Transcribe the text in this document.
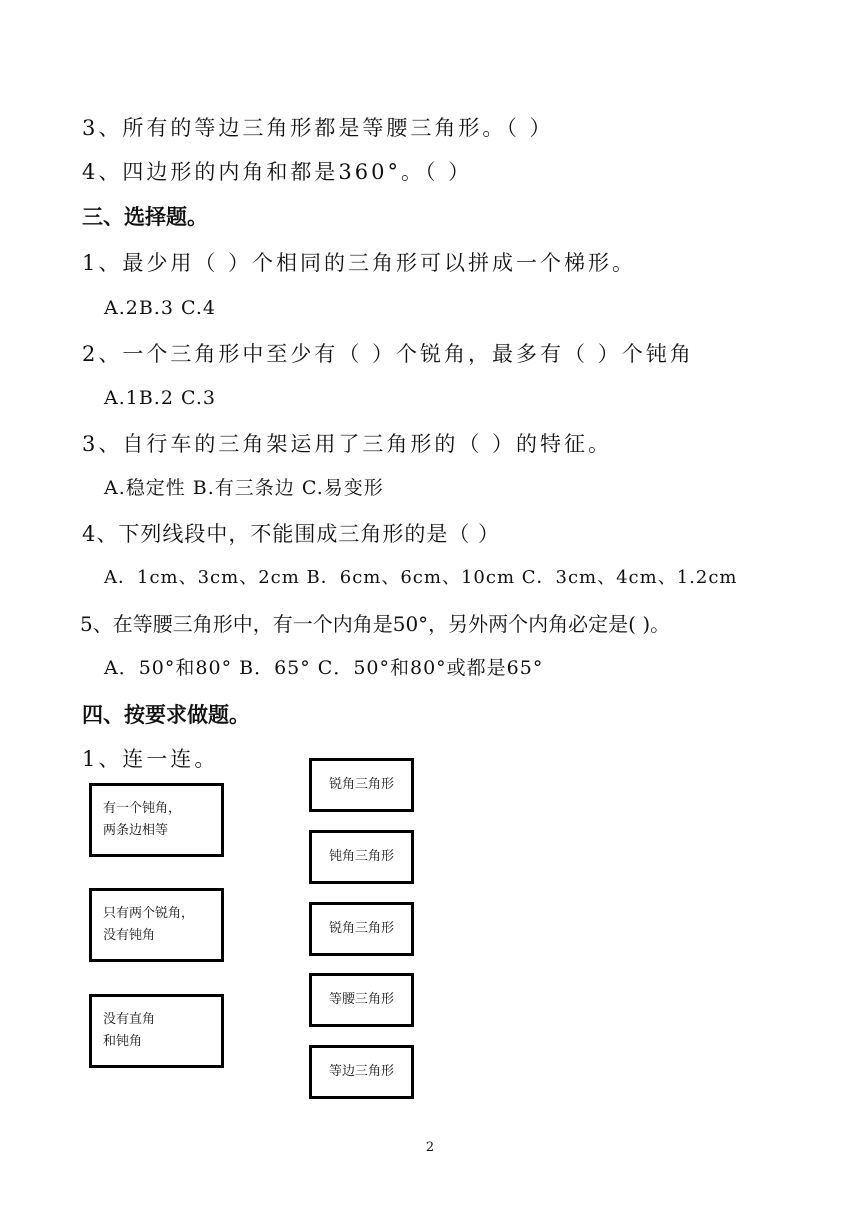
3、所有的等边三角形都是等腰三角形。（ ）
4、四边形的内角和都是360°。（ ）
三、选择题。
1、最少用（ ）个相同的三角形可以拼成一个梯形。
A.2B.3 C.4
2、一个三角形中至少有（ ）个锐角，最多有（ ）个钝角
A.1B.2 C.3
3、自行车的三角架运用了三角形的（ ）的特征。
A.稳定性 B.有三条边 C.易变形
4、下列线段中，不能围成三角形的是（ ）
A．1cm、3cm、2cm B．6cm、6cm、10cm C．3cm、4cm、1.2cm
5、在等腰三角形中，有一个内角是50°，另外两个内角必定是( )。
A．50°和80° B．65° C．50°和80°或都是65°
四、按要求做题。
1、连一连。
有一个钝角，
两条边相等
只有两个锐角，
没有钝角
没有直角
和钝角
锐角三角形
钝角三角形
锐角三角形
等腰三角形
等边三角形
2
